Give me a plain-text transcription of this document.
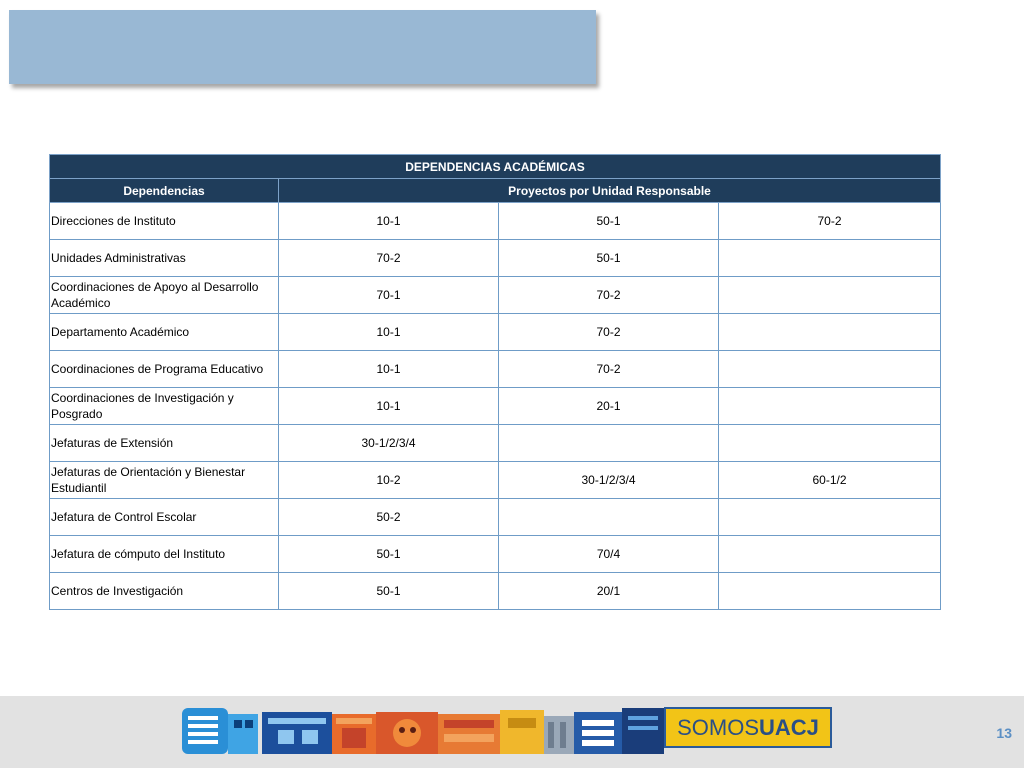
DEPENDENCIAS ACADÉMICAS			
Dependencias	Proyectos por Unidad Responsable		
Direcciones de Instituto	10-1	50-1	70-2
Unidades Administrativas	70-2	50-1	
Coordinaciones de Apoyo al Desarrollo Académico	70-1	70-2	
Departamento Académico	10-1	70-2	
Coordinaciones de Programa Educativo	10-1	70-2	
Coordinaciones de Investigación y Posgrado	10-1	20-1	
Jefaturas de Extensión	30-1/2/3/4		
Jefaturas de Orientación y Bienestar Estudiantil	10-2	30-1/2/3/4	60-1/2
Jefatura de Control Escolar	50-2		
Jefatura de cómputo del Instituto	50-1	70/4	
Centros de Investigación	50-1	20/1	
SOMOS UACJ	13
